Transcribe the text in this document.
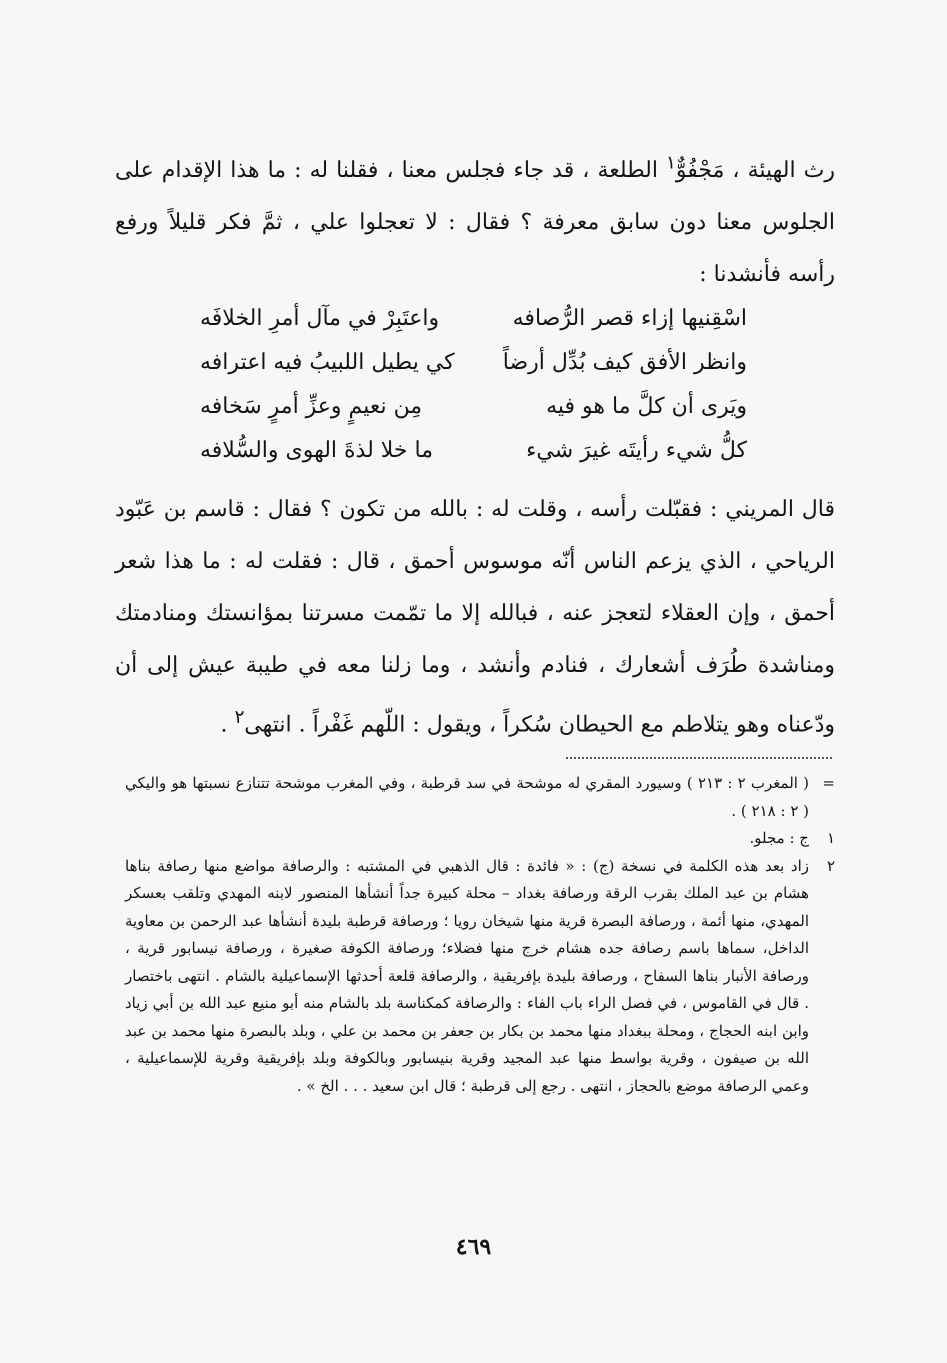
رث الهيئة ، مَجْفُوٌّ$^١$ الطلعة ، قد جاء فجلس معنا ، فقلنا له : ما هذا الإقدام على الجلوس معنا دون سابق معرفة ؟ فقال : لا تعجلوا علي ، ثمَّ فكر قليلاً ورفع رأسه فأنشدنا :

اسْقِنيها إزاء قصر الرُّصافه
واعتَبِرْ في مآل أمرِ الخلافَه
وانظر الأفق كيف بُدِّل أرضاً
كي يطيل اللبيبُ فيه اعترافه
ويَرى أن كلَّ ما هو فيه
مِن نعيمٍ وعزِّ أمرٍ سَخافه
كلُّ شيء رأيتَه غيرَ شيء
ما خلا لذةَ الهوى والسُّلافه

قال المريني : فقبّلت رأسه ، وقلت له : بالله من تكون ؟ فقال : قاسم بن عَبّود الرياحي ، الذي يزعم الناس أنّه موسوس أحمق ، قال : فقلت له : ما هذا شعر أحمق ، وإن العقلاء لتعجز عنه ، فبالله إلا ما تمّمت مسرتنا بمؤانستك ومنادمتك ومناشدة طُرَف أشعارك ، فنادم وأنشد ، وما زلنا معه في طيبة عيش إلى أن ودّعناه وهو يتلاطم مع الحيطان سُكراً ، ويقول : اللّهم غَفْراً . انتهى$^٢$ .

=
( المغرب ٢ : ٢١٣ ) وسيورد المقري له موشحة في سد قرطبة ، وفي المغرب موشحة تتنازع نسبتها هو واليكي ( ٢ : ٢١٨ ) .

١
ج : مجلو.

٢
زاد بعد هذه الكلمة في نسخة (ج) : « فائدة : قال الذهبي في المشتبه : والرصافة مواضع منها رصافة بناها هشام بن عبد الملك بقرب الرقة ورصافة بغداد – محلة كبيرة جداً أنشأها المنصور لابنه المهدي وتلقب بعسكر المهدي، منها أئمة ، ورصافة البصرة قرية منها شيخان رويا ؛ ورصافة قرطبة بليدة أنشأها عبد الرحمن بن معاوية الداخل، سماها باسم رصافة جده هشام خرج منها فضلاء؛ ورصافة الكوفة صغيرة ، ورصافة نيسابور قرية ، ورصافة الأنبار بناها السفاح ، ورصافة بليدة بإفريقية ، والرصافة قلعة أحدثها الإسماعيلية بالشام . انتهى باختصار . قال في القاموس ، في فصل الراء باب الفاء : والرصافة كمكناسة بلد بالشام منه أبو منيع عبد الله بن أبي زياد وابن ابنه الحجاج ، ومحلة ببغداد منها محمد بن بكار بن جعفر بن محمد بن علي ، وبلد بالبصرة منها محمد بن عبد الله بن صيفون ، وقرية بواسط منها عبد المجيد وقرية بنيسابور وبالكوفة وبلد بإفريقية وقرية للإسماعيلية ، وعمي الرصافة موضع بالحجاز ، انتهى . رجع إلى قرطبة ؛ قال ابن سعيد . . . الخ » .

٤٦٩
